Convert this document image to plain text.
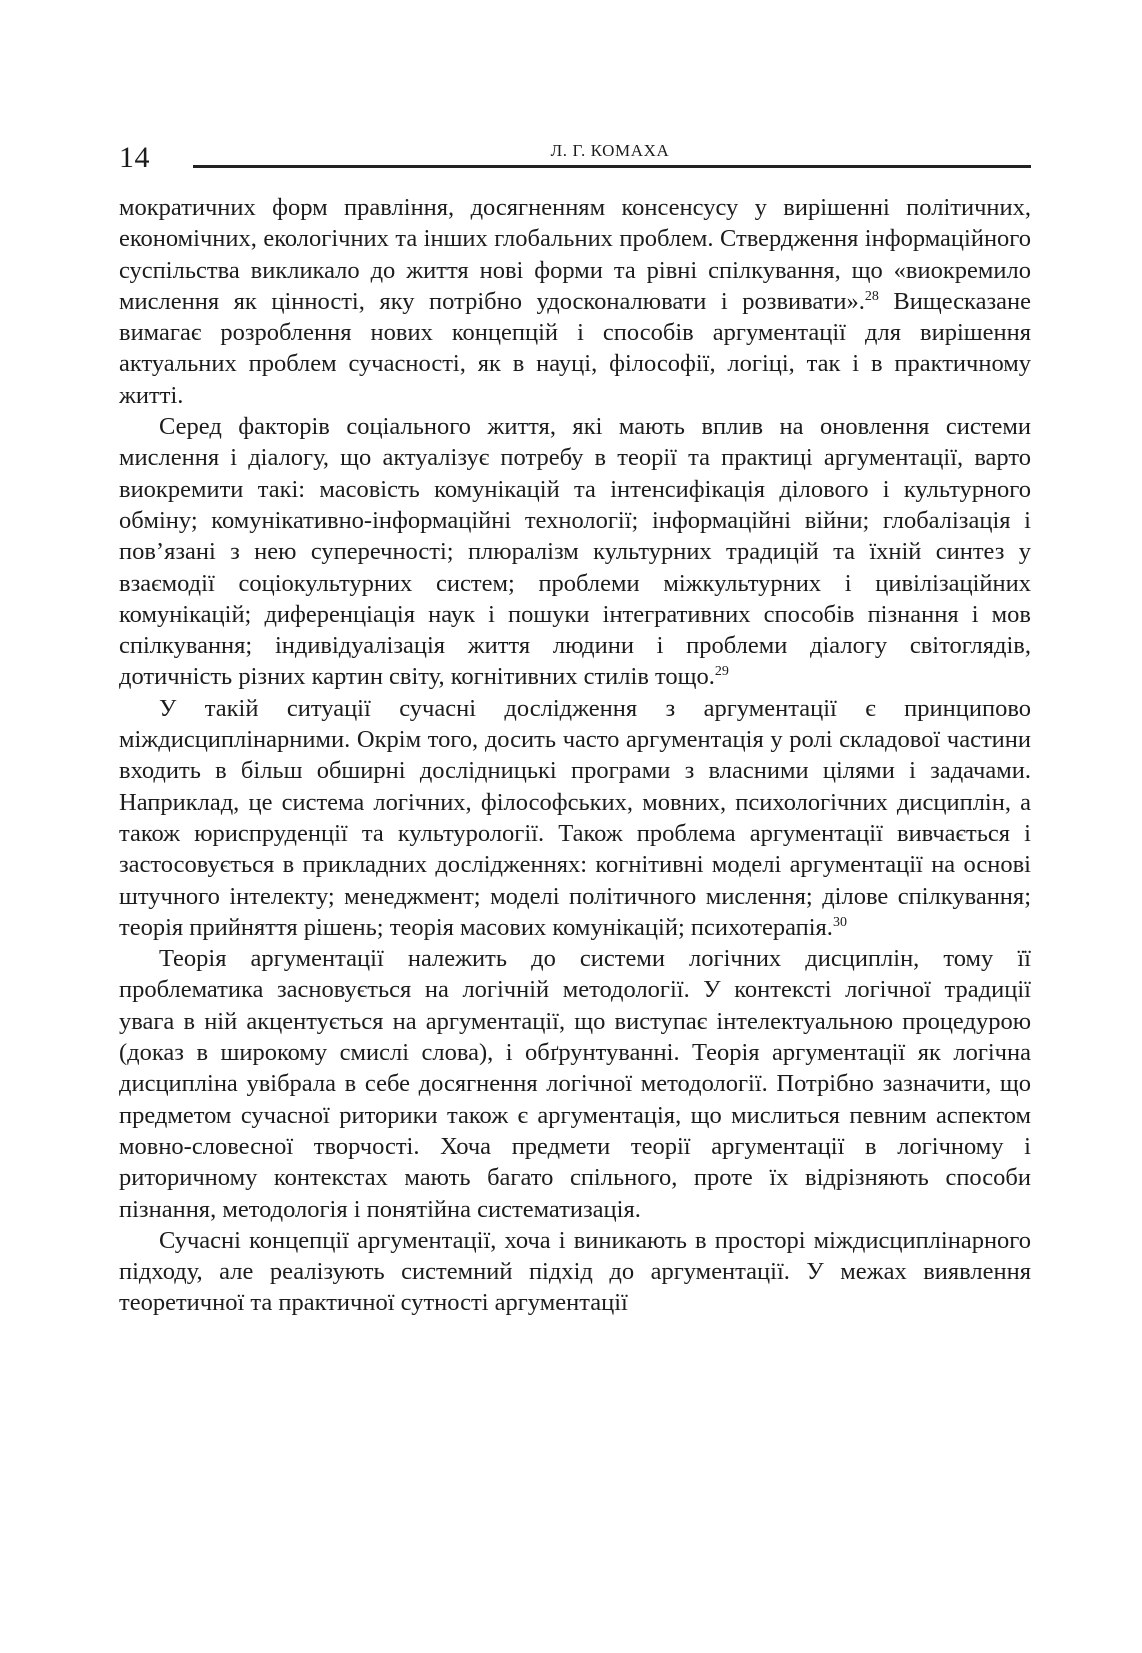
14	Л. Г. КОМАХА

мократичних форм правління, досягненням консенсусу у вирішенні політичних, економічних, екологічних та інших глобальних проблем. Ствердження інформаційного суспільства викликало до життя нові форми та рівні спілкування, що «виокремило мислення як цінності, яку потрібно удосконалювати і розвивати».$^{28}$ Вищесказане вимагає розроблення нових концепцій і способів аргументації для вирішення актуальних проблем сучасності, як в науці, філософії, логіці, так і в практичному житті.

Серед факторів соціального життя, які мають вплив на оновлення системи мислення і діалогу, що актуалізує потребу в теорії та практиці аргументації, варто виокремити такі: масовість комунікацій та інтенсифікація ділового і культурного обміну; комунікативно-інформаційні технології; інформаційні війни; глобалізація і пов’язані з нею суперечності; плюралізм культурних традицій та їхній синтез у взаємодії соціокультурних систем; проблеми міжкультурних і цивілізаційних комунікацій; диференціація наук і пошуки інтегративних способів пізнання і мов спілкування; індивідуалізація життя людини і проблеми діалогу світоглядів, дотичність різних картин світу, когнітивних стилів тощо.$^{29}$

У такій ситуації сучасні дослідження з аргументації є принципово міждисциплінарними. Окрім того, досить часто аргументація у ролі складової частини входить в більш обширні дослідницькі програми з власними цілями і задачами. Наприклад, це система логічних, філософських, мовних, психологічних дисциплін, а також юриспруденції та культурології. Також проблема аргументації вивчається і застосовується в прикладних дослідженнях: когнітивні моделі аргументації на основі штучного інтелекту; менеджмент; моделі політичного мислення; ділове спілкування; теорія прийняття рішень; теорія масових комунікацій; психотерапія.$^{30}$

Теорія аргументації належить до системи логічних дисциплін, тому її проблематика засновується на логічній методології. У контексті логічної традиції увага в ній акцентується на аргументації, що виступає інтелектуальною процедурою (доказ в широкому смислі слова), і обґрунтуванні. Теорія аргументації як логічна дисципліна увібрала в себе досягнення логічної методології. Потрібно зазначити, що предметом сучасної риторики також є аргументація, що мислиться певним аспектом мовно-словесної творчості. Хоча предмети теорії аргументації в логічному і риторичному контекстах мають багато спільного, проте їх відрізняють способи пізнання, методологія і понятійна систематизація.

Сучасні концепції аргументації, хоча і виникають в просторі міждисциплінарного підходу, але реалізують системний підхід до аргументації. У межах виявлення теоретичної та практичної сутності аргументації
